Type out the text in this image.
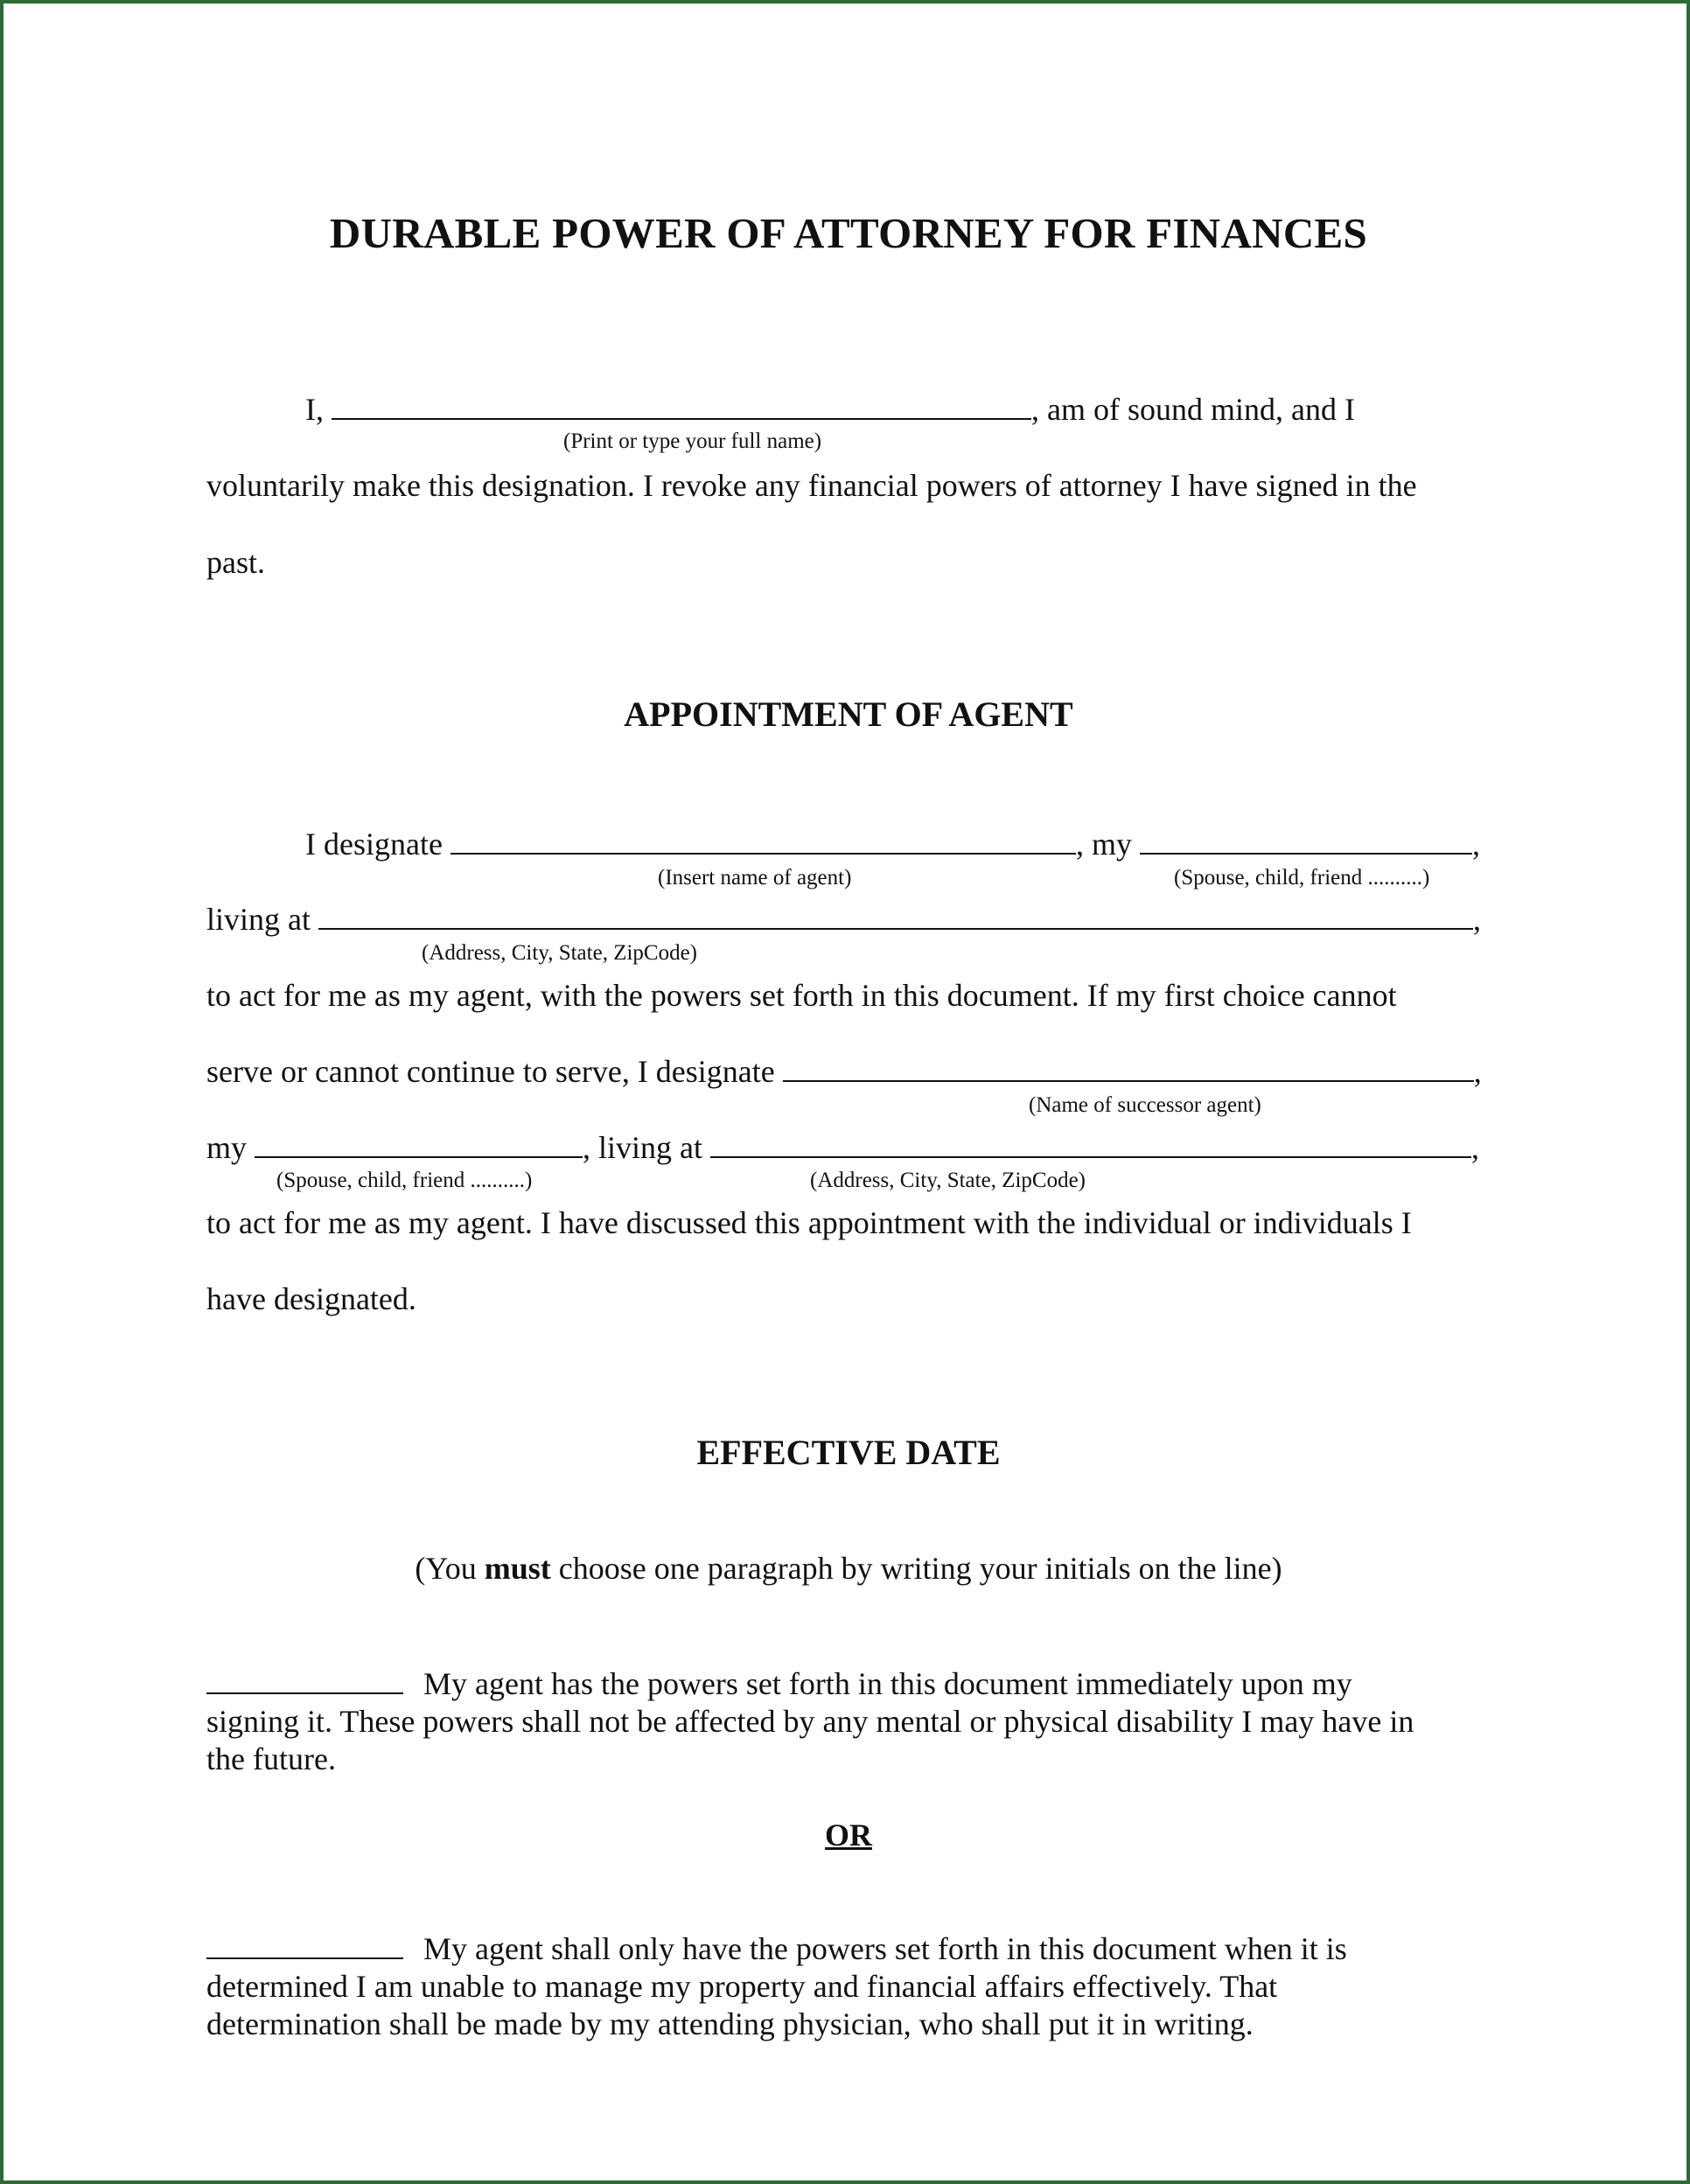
DURABLE POWER OF ATTORNEY FOR FINANCES
I,	, am of sound mind, and I
(Print or type your full name)
voluntarily make this designation. I revoke any financial powers of attorney I have signed in the
past.
APPOINTMENT OF AGENT
I designate	, my	,
(Insert name of agent)	(Spouse, child, friend ..........)
living at	,
(Address, City, State, ZipCode)
to act for me as my agent, with the powers set forth in this document. If my first choice cannot
serve or cannot continue to serve, I designate	,
(Name of successor agent)
my	, living at	,
(Spouse, child, friend ..........)	(Address, City, State, ZipCode)
to act for me as my agent. I have discussed this appointment with the individual or individuals I
have designated.
EFFECTIVE DATE
(You must choose one paragraph by writing your initials on the line)
My agent has the powers set forth in this document immediately upon my
signing it. These powers shall not be affected by any mental or physical disability I may have in
the future.
OR
My agent shall only have the powers set forth in this document when it is
determined I am unable to manage my property and financial affairs effectively. That
determination shall be made by my attending physician, who shall put it in writing.
